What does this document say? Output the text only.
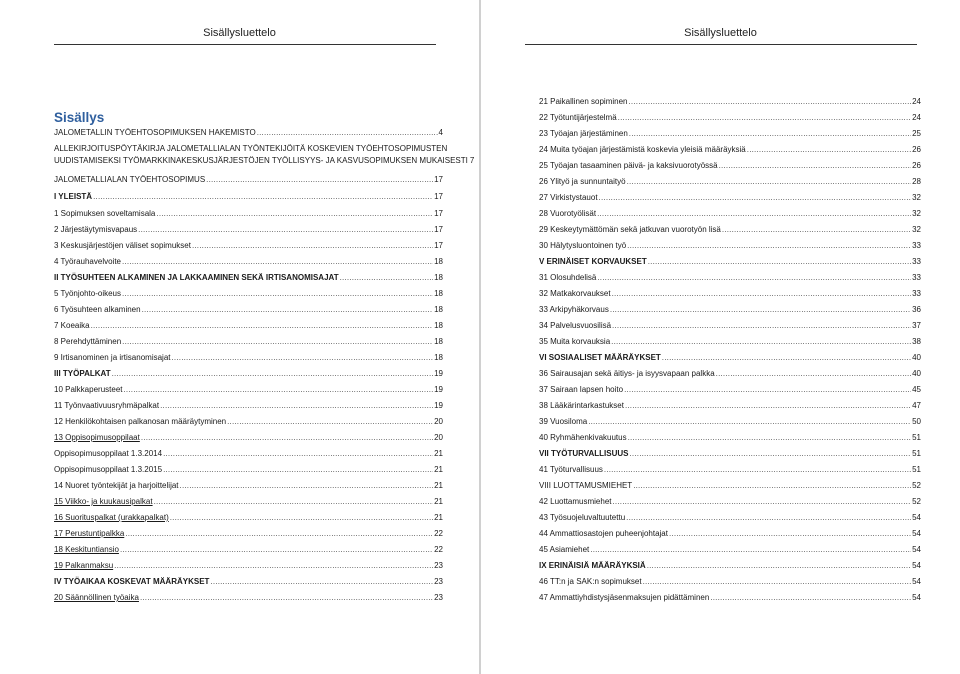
Sisällysluettelo
Sisällys
JALOMETALLIN TYÖEHTOSOPIMUKSEN HAKEMISTO .....	4
ALLEKIRJOITUSPÖYTÄKIRJA JALOMETALLIALAN TYÖNTEKIJÖITÄ KOSKEVIEN TYÖEHTOSOPIMUSTEN
UUDISTAMISEKSI TYÖMARKKINAKESKUSJÄRJESTÖJEN TYÖLLISYYS- JA KASVUSOPIMUKSEN MUKAISESTI 7
JALOMETALLIALAN TYÖEHTOSOPIMUS .....	17
I YLEISTÄ .....	17
1 Sopimuksen soveltamisala .....	17
2 Järjestäytymisvapaus .....	17
3 Keskusjärjestöjen väliset sopimukset .....	17
4 Työrauhavelvoite .....	18
II TYÖSUHTEEN ALKAMINEN JA LAKKAAMINEN SEKÄ IRTISANOMISAJAT .....	18
5 Työnjohto-oikeus .....	18
6 Työsuhteen alkaminen .....	18
7 Koeaika .....	18
8 Perehdyttäminen .....	18
9 Irtisanominen ja irtisanomisajat .....	18
III TYÖPALKAT .....	19
10 Palkkaperusteet .....	19
11 Työnvaativuusryhmäpalkat .....	19
12 Henkilökohtaisen palkanosan määräytyminen .....	20
13 Oppisopimusoppilaat .....	20
Oppisopimusoppilaat 1.3.2014 .....	21
Oppisopimusoppilaat 1.3.2015 .....	21
14 Nuoret työntekijät ja harjoittelijat .....	21
15 Viikko- ja kuukausipalkat .....	21
16 Suorituspalkat (urakkapalkat) .....	21
17 Perustuntipalkka .....	22
18 Keskituntiansio .....	22
19 Palkanmaksu .....	23
IV TYÖAIKAA KOSKEVAT MÄÄRÄYKSET .....	23
20 Säännöllinen työaika .....	23
Sisällysluettelo
21 Paikallinen sopiminen .....	24
22 Työtuntijärjestelmä .....	24
23 Työajan järjestäminen .....	25
24 Muita työajan järjestämistä koskevia yleisiä määräyksiä .....	26
25 Työajan tasaaminen päivä- ja kaksivuorotyössä .....	26
26 Ylityö ja sunnuntaityö .....	28
27 Virkistystauot .....	32
28 Vuorotyölisät .....	32
29 Keskeytymättömän sekä jatkuvan vuorotyön lisä .....	32
30 Hälytysluontoinen työ .....	33
V ERINÄISET KORVAUKSET .....	33
31 Olosuhdelisä .....	33
32 Matkakorvaukset .....	33
33 Arkipyhäkorvaus .....	36
34 Palvelusvuosilisä .....	37
35 Muita korvauksia .....	38
VI SOSIAALISET MÄÄRÄYKSET .....	40
36 Sairausajan sekä äitiys- ja isyysvapaan palkka .....	40
37 Sairaan lapsen hoito .....	45
38 Lääkärintarkastukset .....	47
39 Vuosiloma .....	50
40 Ryhmähenkivakuutus .....	51
VII TYÖTURVALLISUUS .....	51
41 Työturvallisuus .....	51
VIII LUOTTAMUSMIEHET .....	52
42 Luottamusmiehet .....	52
43 Työsuojeluvaltuutettu .....	54
44 Ammattiosastojen puheenjohtajat .....	54
45 Asiamiehet .....	54
IX ERINÄISIÄ MÄÄRÄYKSIÄ .....	54
46 TT:n ja SAK:n sopimukset .....	54
47 Ammattiyhdistysjäsenmaksujen pidättäminen .....	54
